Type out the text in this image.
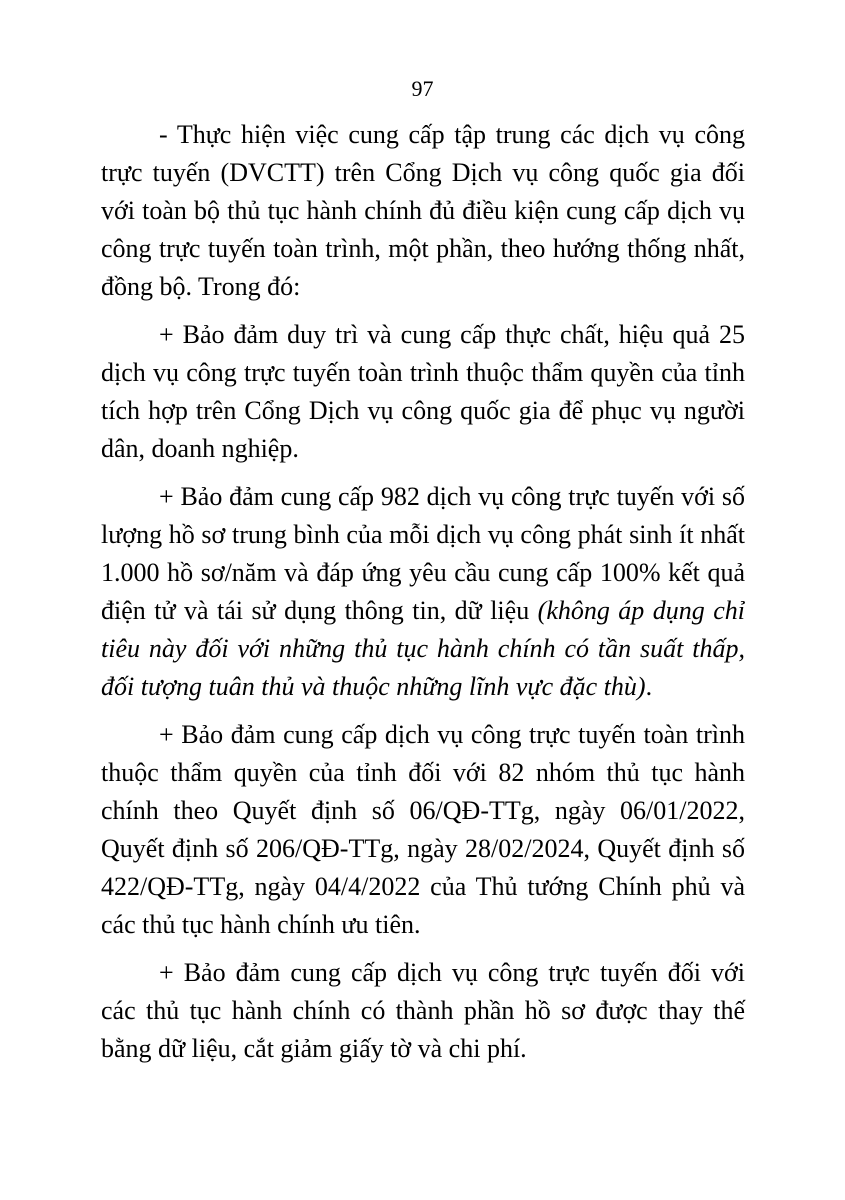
97

- Thực hiện việc cung cấp tập trung các dịch vụ công trực tuyến (DVCTT) trên Cổng Dịch vụ công quốc gia đối với toàn bộ thủ tục hành chính đủ điều kiện cung cấp dịch vụ công trực tuyến toàn trình, một phần, theo hướng thống nhất, đồng bộ. Trong đó:

+ Bảo đảm duy trì và cung cấp thực chất, hiệu quả 25 dịch vụ công trực tuyến toàn trình thuộc thẩm quyền của tỉnh tích hợp trên Cổng Dịch vụ công quốc gia để phục vụ người dân, doanh nghiệp.

+ Bảo đảm cung cấp 982 dịch vụ công trực tuyến với số lượng hồ sơ trung bình của mỗi dịch vụ công phát sinh ít nhất 1.000 hồ sơ/năm và đáp ứng yêu cầu cung cấp 100% kết quả điện tử và tái sử dụng thông tin, dữ liệu (không áp dụng chỉ tiêu này đối với những thủ tục hành chính có tần suất thấp, đối tượng tuân thủ và thuộc những lĩnh vực đặc thù).

+ Bảo đảm cung cấp dịch vụ công trực tuyến toàn trình thuộc thẩm quyền của tỉnh đối với 82 nhóm thủ tục hành chính theo Quyết định số 06/QĐ-TTg, ngày 06/01/2022, Quyết định số 206/QĐ-TTg, ngày 28/02/2024, Quyết định số 422/QĐ-TTg, ngày 04/4/2022 của Thủ tướng Chính phủ và các thủ tục hành chính ưu tiên.

+ Bảo đảm cung cấp dịch vụ công trực tuyến đối với các thủ tục hành chính có thành phần hồ sơ được thay thế bằng dữ liệu, cắt giảm giấy tờ và chi phí.
